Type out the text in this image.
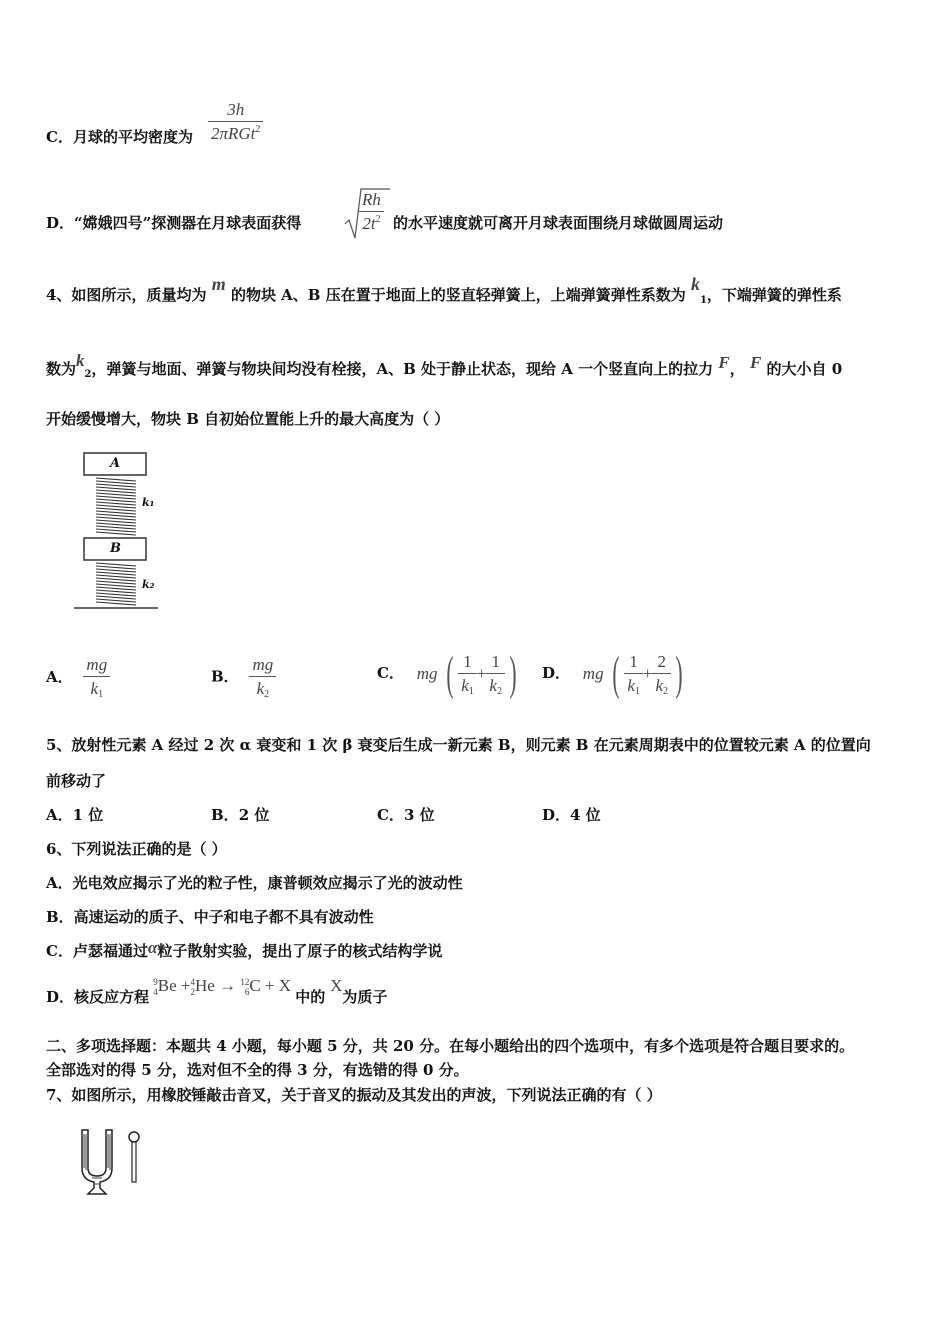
C．月球的平均密度为
3h
2πRGt$^2$
D．“嫦娥四号”探测器在月球表面获得	$\frac{Rh}{2t^2}$ 的水平速度就可离开月球表面围绕月球做圆周运动
4、如图所示，质量均为 m 的物块 A、B 压在置于地面上的竖直轻弹簧上，上端弹簧弹性系数为 $k_1$，下端弹簧的弹性系
数为$k_2$，弹簧与地面、弹簧与物块间均没有栓接，A、B 处于静止状态，现给 A 一个竖直向上的拉力 F， F 的大小自 0
开始缓慢增大，物块 B 自初始位置能上升的最大高度为（ ）
A
B
k₁
k₂
A． $\frac{mg}{k_1}$	B． $\frac{mg}{k_2}$	C． mg ( $\frac{1}{k_1} + \frac{1}{k_2}$ ) D． mg ( $\frac{1}{k_1} + \frac{2}{k_2}$ )
5、放射性元素 A 经过 2 次 α 衰变和 1 次 β 衰变后生成一新元素 B，则元素 B 在元素周期表中的位置较元素 A 的位置向
前移动了
A．1 位	B．2 位	C．3 位	D．4 位
6、下列说法正确的是（ ）
A．光电效应揭示了光的粒子性，康普顿效应揭示了光的波动性
B．高速运动的质子、中子和电子都不具有波动性
C．卢瑟福通过α粒子散射实验，提出了原子的核式结构学说
D．核反应方程
9
4 Be + 4
2 He → 12
6 C + X 中的 X为质子
二、多项选择题：本题共 4 小题，每小题 5 分，共 20 分。在每小题给出的四个选项中，有多个选项是符合题目要求的。
全部选对的得 5 分，选对但不全的得 3 分，有选错的得 0 分。
7、如图所示，用橡胶锤敲击音叉，关于音叉的振动及其发出的声波，下列说法正确的有（ ）
